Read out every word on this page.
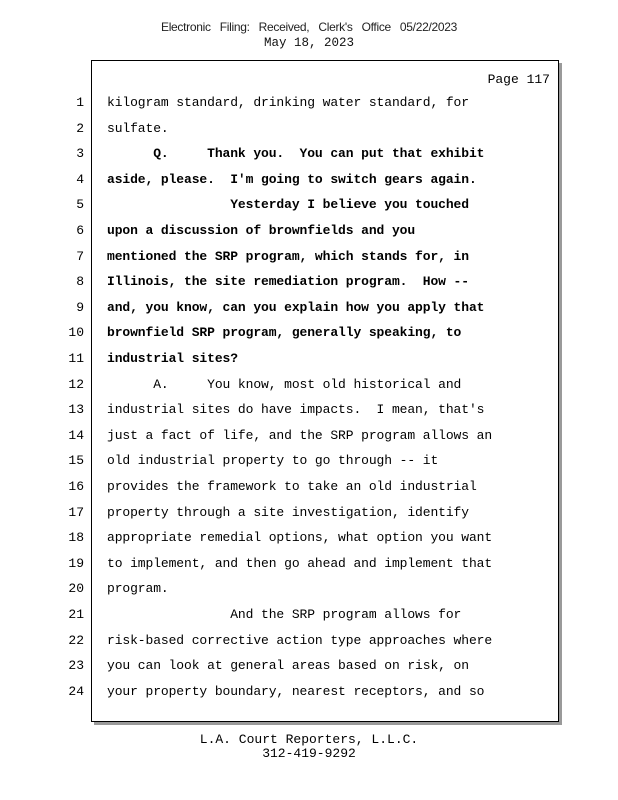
Electronic Filing: Received, Clerk's Office 05/22/2023
May 18, 2023
Page 117
1
2
3
4
5
6
7
8
9
10
11
12
13
14
15
16
17
18
19
20
21
22
23
24
kilogram standard, drinking water standard, for
sulfate.
Q.     Thank you.  You can put that exhibit
aside, please.  I'm going to switch gears again.
Yesterday I believe you touched
upon a discussion of brownfields and you
mentioned the SRP program, which stands for, in
Illinois, the site remediation program.  How --
and, you know, can you explain how you apply that
brownfield SRP program, generally speaking, to
industrial sites?
A.     You know, most old historical and
industrial sites do have impacts.  I mean, that's
just a fact of life, and the SRP program allows an
old industrial property to go through -- it
provides the framework to take an old industrial
property through a site investigation, identify
appropriate remedial options, what option you want
to implement, and then go ahead and implement that
program.
And the SRP program allows for
risk-based corrective action type approaches where
you can look at general areas based on risk, on
your property boundary, nearest receptors, and so
L.A. Court Reporters, L.L.C.
312-419-9292
